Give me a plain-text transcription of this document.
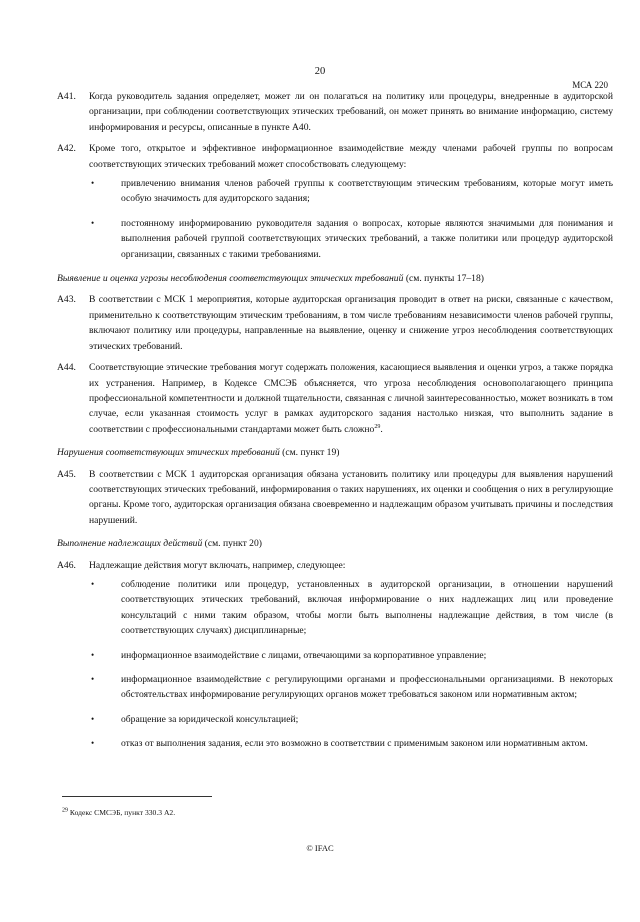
20
МСА 220
A41. Когда руководитель задания определяет, может ли он полагаться на политику или процедуры, внедренные в аудиторской организации, при соблюдении соответствующих этических требований, он может принять во внимание информацию, систему информирования и ресурсы, описанные в пункте A40.
A42. Кроме того, открытое и эффективное информационное взаимодействие между членами рабочей группы по вопросам соответствующих этических требований может способствовать следующему:
•	привлечению внимания членов рабочей группы к соответствующим этическим требованиям, которые могут иметь особую значимость для аудиторского задания;
•	постоянному информированию руководителя задания о вопросах, которые являются значимыми для понимания и выполнения рабочей группой соответствующих этических требований, а также политики или процедур аудиторской организации, связанных с такими требованиями.
Выявление и оценка угрозы несоблюдения соответствующих этических требований (см. пункты 17–18)
A43. В соответствии с МСК 1 мероприятия, которые аудиторская организация проводит в ответ на риски, связанные с качеством, применительно к соответствующим этическим требованиям, в том числе требованиям независимости членов рабочей группы, включают политику или процедуры, направленные на выявление, оценку и снижение угроз несоблюдения соответствующих этических требований.
A44. Соответствующие этические требования могут содержать положения, касающиеся выявления и оценки угроз, а также порядка их устранения. Например, в Кодексе СМСЭБ объясняется, что угроза несоблюдения основополагающего принципа профессиональной компетентности и должной тщательности, связанная с личной заинтересованностью, может возникать в том случае, если указанная стоимость услуг в рамках аудиторского задания настолько низкая, что выполнить задание в соответствии с профессиональными стандартами может быть сложно$^{29}$.
Нарушения соответствующих этических требований (см. пункт 19)
A45. В соответствии с МСК 1 аудиторская организация обязана установить политику или процедуры для выявления нарушений соответствующих этических требований, информирования о таких нарушениях, их оценки и сообщения о них в регулирующие органы. Кроме того, аудиторская организация обязана своевременно и надлежащим образом учитывать причины и последствия нарушений.
Выполнение надлежащих действий (см. пункт 20)
A46. Надлежащие действия могут включать, например, следующее:
•	соблюдение политики или процедур, установленных в аудиторской организации, в отношении нарушений соответствующих этических требований, включая информирование о них надлежащих лиц или проведение консультаций с ними таким образом, чтобы могли быть выполнены надлежащие действия, в том числе (в соответствующих случаях) дисциплинарные;
•	информационное взаимодействие с лицами, отвечающими за корпоративное управление;
•	информационное взаимодействие с регулирующими органами и профессиональными организациями. В некоторых обстоятельствах информирование регулирующих органов может требоваться законом или нормативным актом;
•	обращение за юридической консультацией;
•	отказ от выполнения задания, если это возможно в соответствии с применимым законом или нормативным актом.
$^{29}$ Кодекс СМСЭБ, пункт 330.3 A2.
© IFAC
